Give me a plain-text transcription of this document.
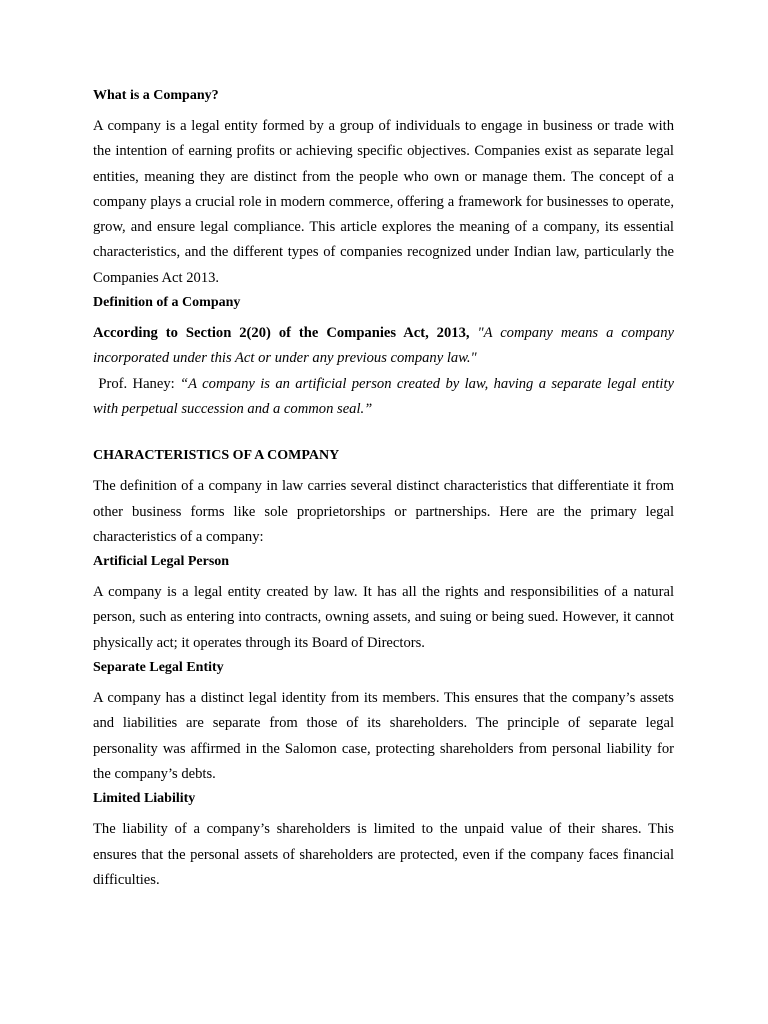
What is a Company?

A company is a legal entity formed by a group of individuals to engage in business or trade with the intention of earning profits or achieving specific objectives. Companies exist as separate legal entities, meaning they are distinct from the people who own or manage them. The concept of a company plays a crucial role in modern commerce, offering a framework for businesses to operate, grow, and ensure legal compliance. This article explores the meaning of a company, its essential characteristics, and the different types of companies recognized under Indian law, particularly the Companies Act 2013.

Definition of a Company

According to Section 2(20) of the Companies Act, 2013, "A company means a company incorporated under this Act or under any previous company law."

Prof. Haney: “A company is an artificial person created by law, having a separate legal entity with perpetual succession and a common seal.”

CHARACTERISTICS OF A COMPANY

The definition of a company in law carries several distinct characteristics that differentiate it from other business forms like sole proprietorships or partnerships. Here are the primary legal characteristics of a company:

Artificial Legal Person

A company is a legal entity created by law. It has all the rights and responsibilities of a natural person, such as entering into contracts, owning assets, and suing or being sued. However, it cannot physically act; it operates through its Board of Directors.

Separate Legal Entity

A company has a distinct legal identity from its members. This ensures that the company’s assets and liabilities are separate from those of its shareholders. The principle of separate legal personality was affirmed in the Salomon case, protecting shareholders from personal liability for the company’s debts.

Limited Liability

The liability of a company’s shareholders is limited to the unpaid value of their shares. This ensures that the personal assets of shareholders are protected, even if the company faces financial difficulties.
